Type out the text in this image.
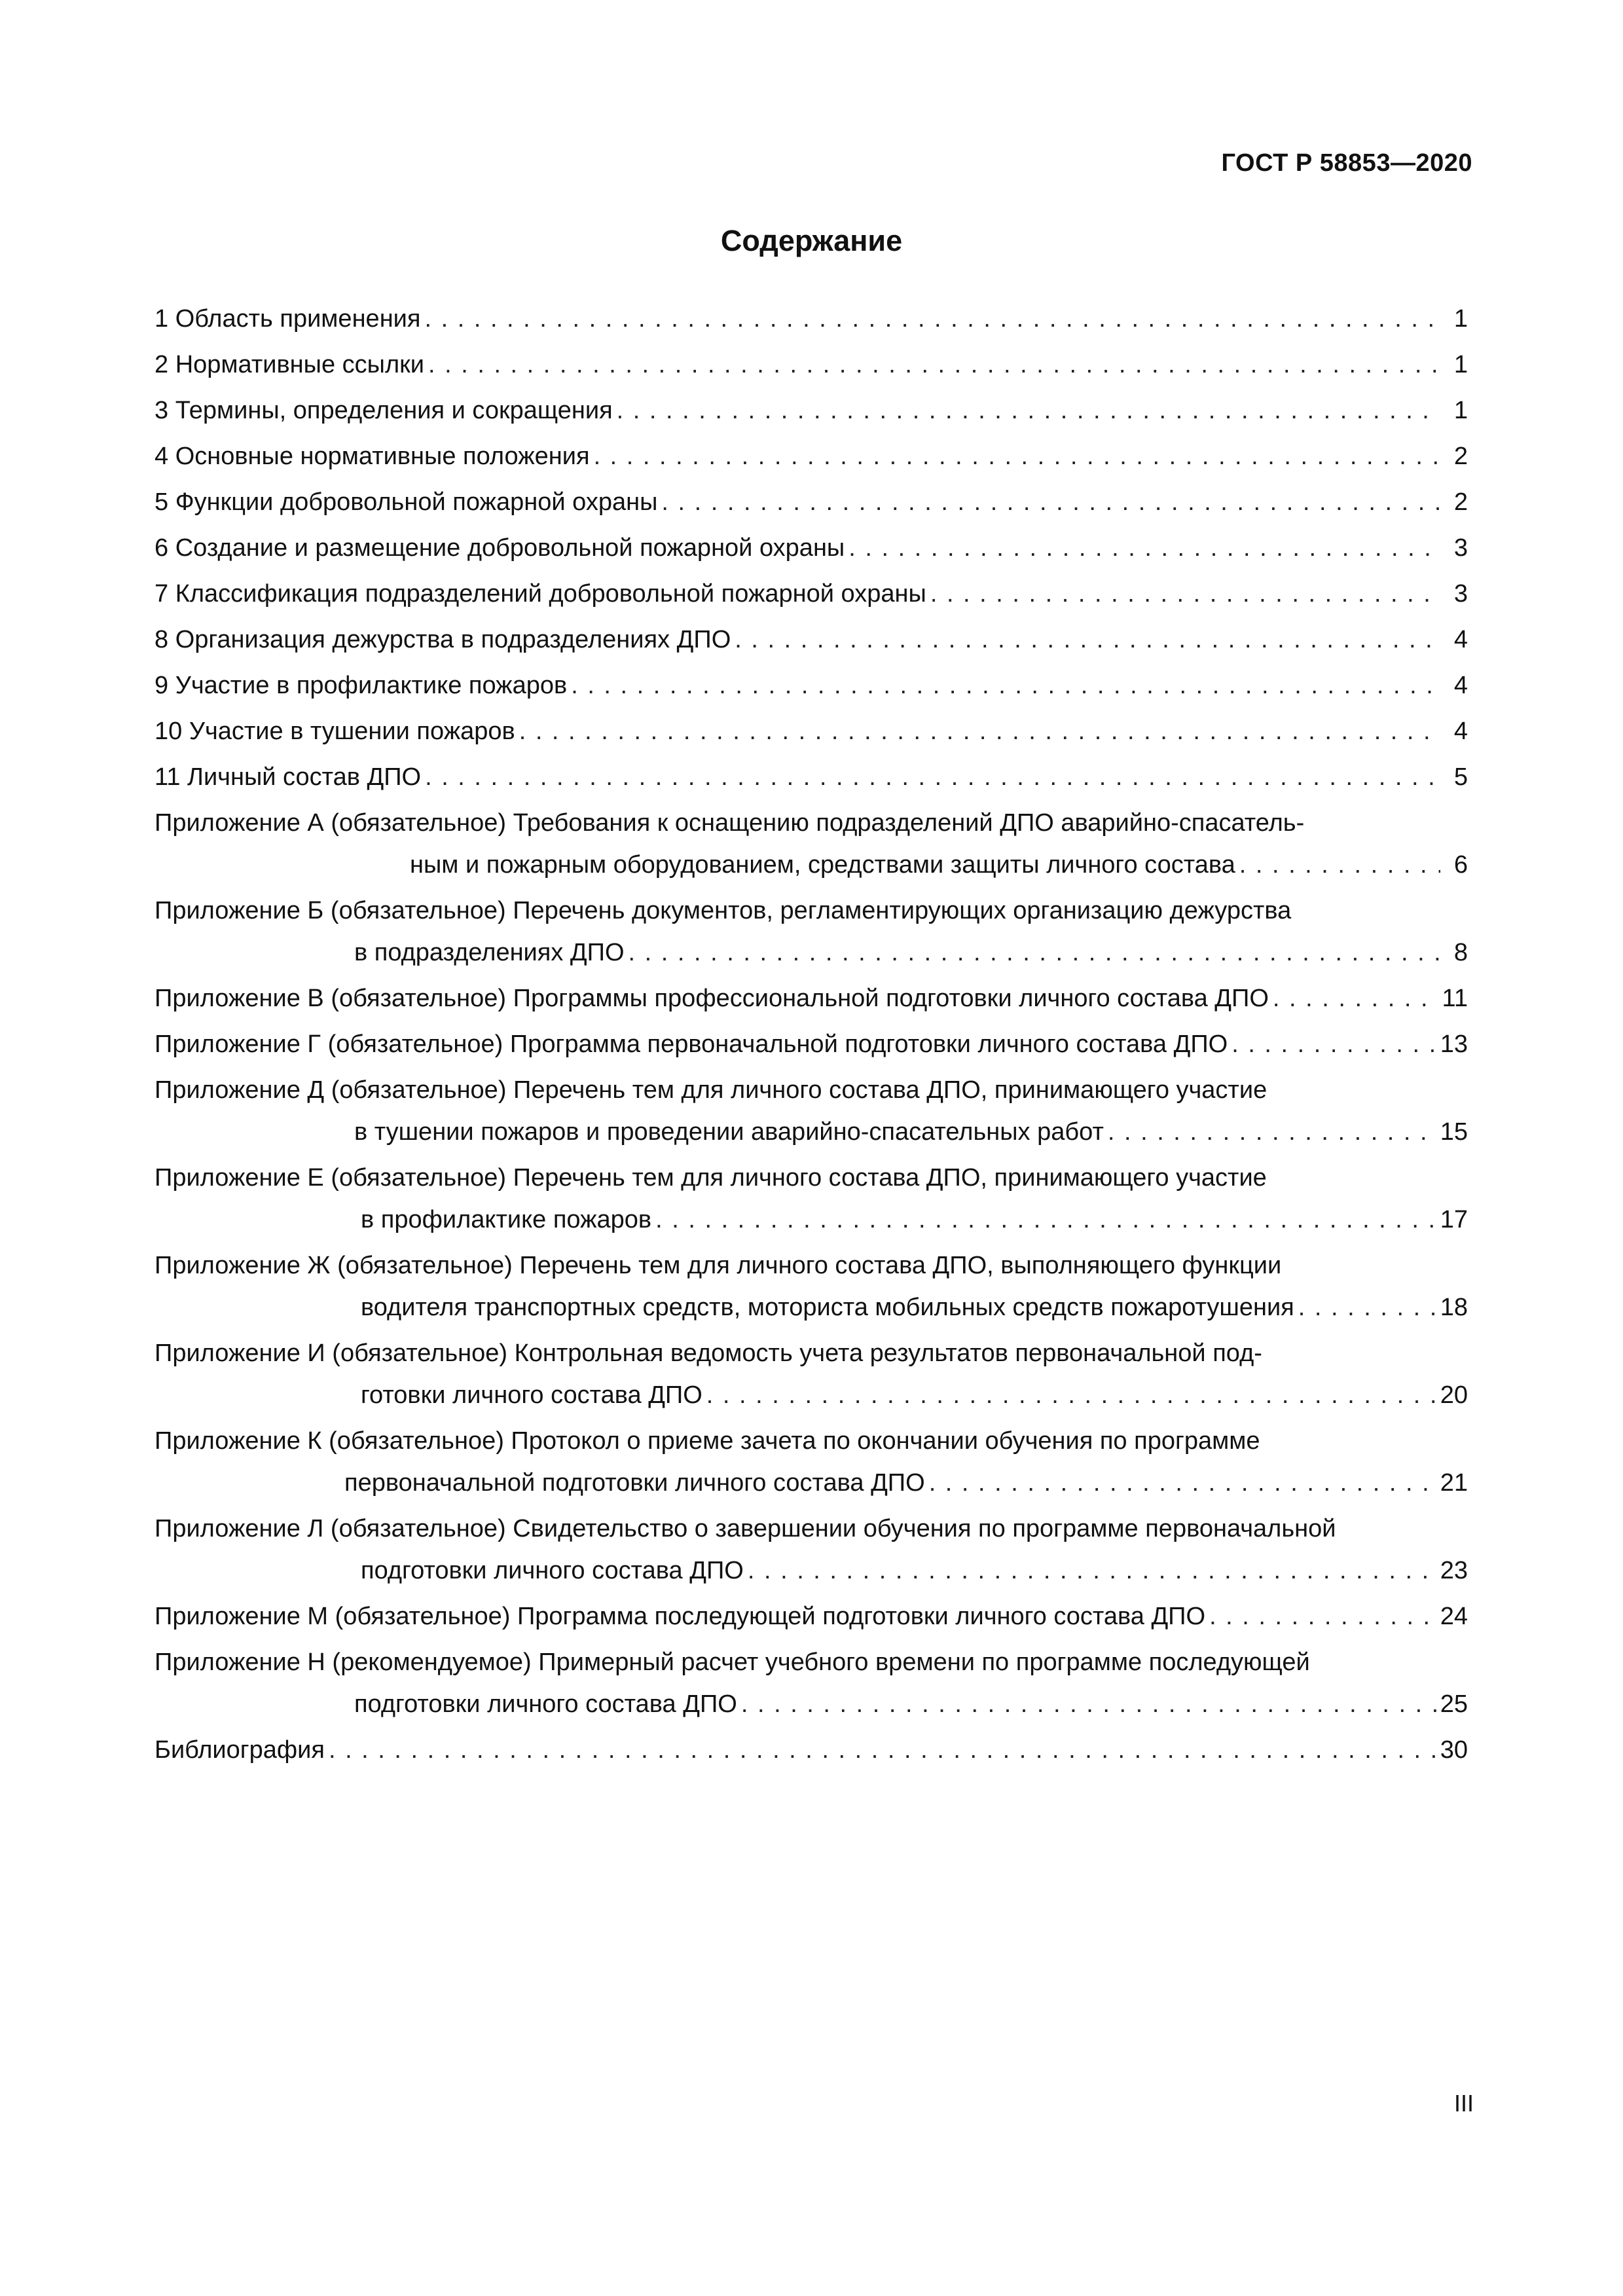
ГОСТ Р 58853—2020
Содержание
1 Область применения . . .	1
2 Нормативные ссылки . . .	1
3 Термины, определения и сокращения . . .	1
4 Основные нормативные положения . . .	2
5 Функции добровольной пожарной охраны . . .	2
6 Создание и размещение добровольной пожарной охраны . . .	3
7 Классификация подразделений добровольной пожарной охраны . . .	3
8 Организация дежурства в подразделениях ДПО . . .	4
9 Участие в профилактике пожаров . . .	4
10 Участие в тушении пожаров . . .	4
11 Личный состав ДПО . . .	5
Приложение А (обязательное) Требования к оснащению подразделений ДПО аварийно-спасатель-
ным и пожарным оборудованием, средствами защиты личного состава . . .	6
Приложение Б (обязательное) Перечень документов, регламентирующих организацию дежурства
в подразделениях ДПО . . .	8
Приложение В (обязательное) Программы профессиональной подготовки личного состава ДПО . . .	11
Приложение Г (обязательное) Программа первоначальной подготовки личного состава ДПО . . .	13
Приложение Д (обязательное) Перечень тем для личного состава ДПО, принимающего участие
в тушении пожаров и проведении аварийно-спасательных работ . . .	15
Приложение Е (обязательное) Перечень тем для личного состава ДПО, принимающего участие
в профилактике пожаров . . .	17
Приложение Ж (обязательное) Перечень тем для личного состава ДПО, выполняющего функции
водителя транспортных средств, моториста мобильных средств пожаротушения . . .	18
Приложение И (обязательное) Контрольная ведомость учета результатов первоначальной под-
готовки личного состава ДПО . . .	20
Приложение К (обязательное) Протокол о приеме зачета по окончании обучения по программе
первоначальной подготовки личного состава ДПО . . .	21
Приложение Л (обязательное) Свидетельство о завершении обучения по программе первоначальной
подготовки личного состава ДПО . . .	23
Приложение М (обязательное) Программа последующей подготовки личного состава ДПО . . .	24
Приложение Н (рекомендуемое) Примерный расчет учебного времени по программе последующей
подготовки личного состава ДПО . . .	25
Библиография . . .	30
III
